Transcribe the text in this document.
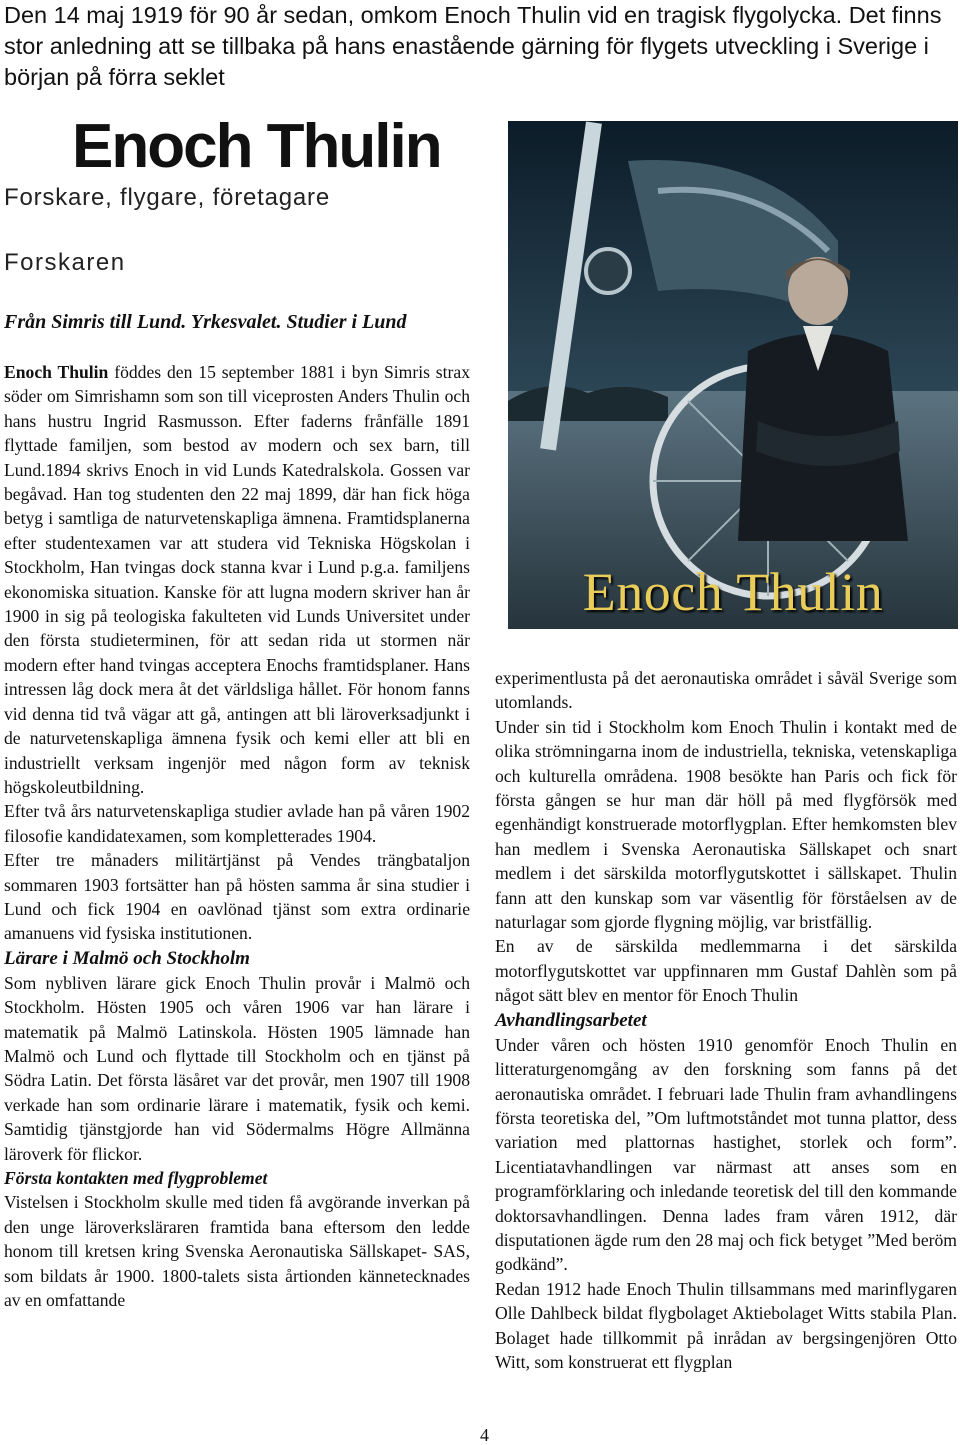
Den 14 maj 1919 för 90 år sedan, omkom Enoch Thulin vid en tragisk flygolycka. Det finns stor anledning att se tillbaka på hans enastående gärning för flygets utveckling i Sverige i början på förra seklet
Enoch Thulin
Forskare, flygare, företagare
Forskaren
Från Simris till Lund. Yrkesvalet. Studier i Lund

Enoch Thulin föddes den 15 september 1881 i byn Simris strax söder om Simrishamn som son till viceprosten Anders Thulin och hans hustru Ingrid Rasmusson. Efter faderns frånfälle 1891 flyttade familjen, som bestod av modern och sex barn, till Lund.1894 skrivs Enoch in vid Lunds Katedralskola. Gossen var begåvad. Han tog studenten den 22 maj 1899, där han fick höga betyg i samtliga de naturvetenskapliga ämnena. Framtidsplanerna efter studentexamen var att studera vid Tekniska Högskolan i Stockholm, Han tvingas dock stanna kvar i Lund p.g.a. familjens ekonomiska situation. Kanske för att lugna modern skriver han år 1900 in sig på teologiska fakulteten vid Lunds Universitet under den första studieterminen, för att sedan rida ut stormen när modern efter hand tvingas acceptera Enochs framtidsplaner. Hans intressen låg dock mera åt det världsliga hållet. För honom fanns vid denna tid två vägar att gå, antingen att bli läroverksadjunkt i de naturvetenskapliga ämnena fysik och kemi eller att bli en industriellt verksam ingenjör med någon form av teknisk högskoleutbildning.

Efter två års naturvetenskapliga studier avlade han på våren 1902 filosofie kandidatexamen, som kompletterades 1904.

Efter tre månaders militärtjänst på Vendes trängbataljon sommaren 1903 fortsätter han på hösten samma år sina studier i Lund och fick 1904 en oavlönad tjänst som extra ordinarie amanuens vid fysiska institutionen.

Lärare i Malmö och Stockholm

Som nybliven lärare gick Enoch Thulin provår i Malmö och Stockholm. Hösten 1905 och våren 1906 var han lärare i matematik på Malmö Latinskola. Hösten 1905 lämnade han Malmö och Lund och flyttade till Stockholm och en tjänst på Södra Latin. Det första läsåret var det provår, men 1907 till 1908 verkade han som ordinarie lärare i matematik, fysik och kemi. Samtidig tjänstgjorde han vid Södermalms Högre Allmänna läroverk för flickor.

Första kontakten med flygproblemet

Vistelsen i Stockholm skulle med tiden få avgörande inverkan på den unge läroverksläraren framtida bana eftersom den ledde honom till kretsen kring Svenska Aeronautiska Sällskapet- SAS, som bildats år 1900. 1800-talets sista årtionden kännetecknades av en omfattande

Enoch Thulin

experimentlusta på det aeronautiska området i såväl Sverige som utomlands.

Under sin tid i Stockholm kom Enoch Thulin i kontakt med de olika strömningarna inom de industriella, tekniska, vetenskapliga och kulturella områdena. 1908 besökte han Paris och fick för första gången se hur man där höll på med flygförsök med egenhändigt konstruerade motorflygplan. Efter hemkomsten blev han medlem i Svenska Aeronautiska Sällskapet och snart medlem i det särskilda motorflygutskottet i sällskapet. Thulin fann att den kunskap som var väsentlig för förståelsen av de naturlagar som gjorde flygning möjlig, var bristfällig.

En av de särskilda medlemmarna i det särskilda motorflygutskottet var uppfinnaren mm Gustaf Dahlèn som på något sätt blev en mentor för Enoch Thulin

Avhandlingsarbetet

Under våren och hösten 1910 genomför Enoch Thulin en litteraturgenomgång av den forskning som fanns på det aeronautiska området. I februari lade Thulin fram avhandlingens första teoretiska del, ”Om luftmotståndet mot tunna plattor, dess variation med plattornas hastighet, storlek och form”. Licentiatavhandlingen var närmast att anses som en programförklaring och inledande teoretisk del till den kommande doktorsavhandlingen. Denna lades fram våren 1912, där disputationen ägde rum den 28 maj och fick betyget ”Med beröm godkänd”.

Redan 1912 hade Enoch Thulin tillsammans med marinflygaren Olle Dahlbeck bildat flygbolaget Aktiebolaget Witts stabila Plan. Bolaget hade tillkommit på inrådan av bergsingenjören Otto Witt, som konstruerat ett flygplan

4
